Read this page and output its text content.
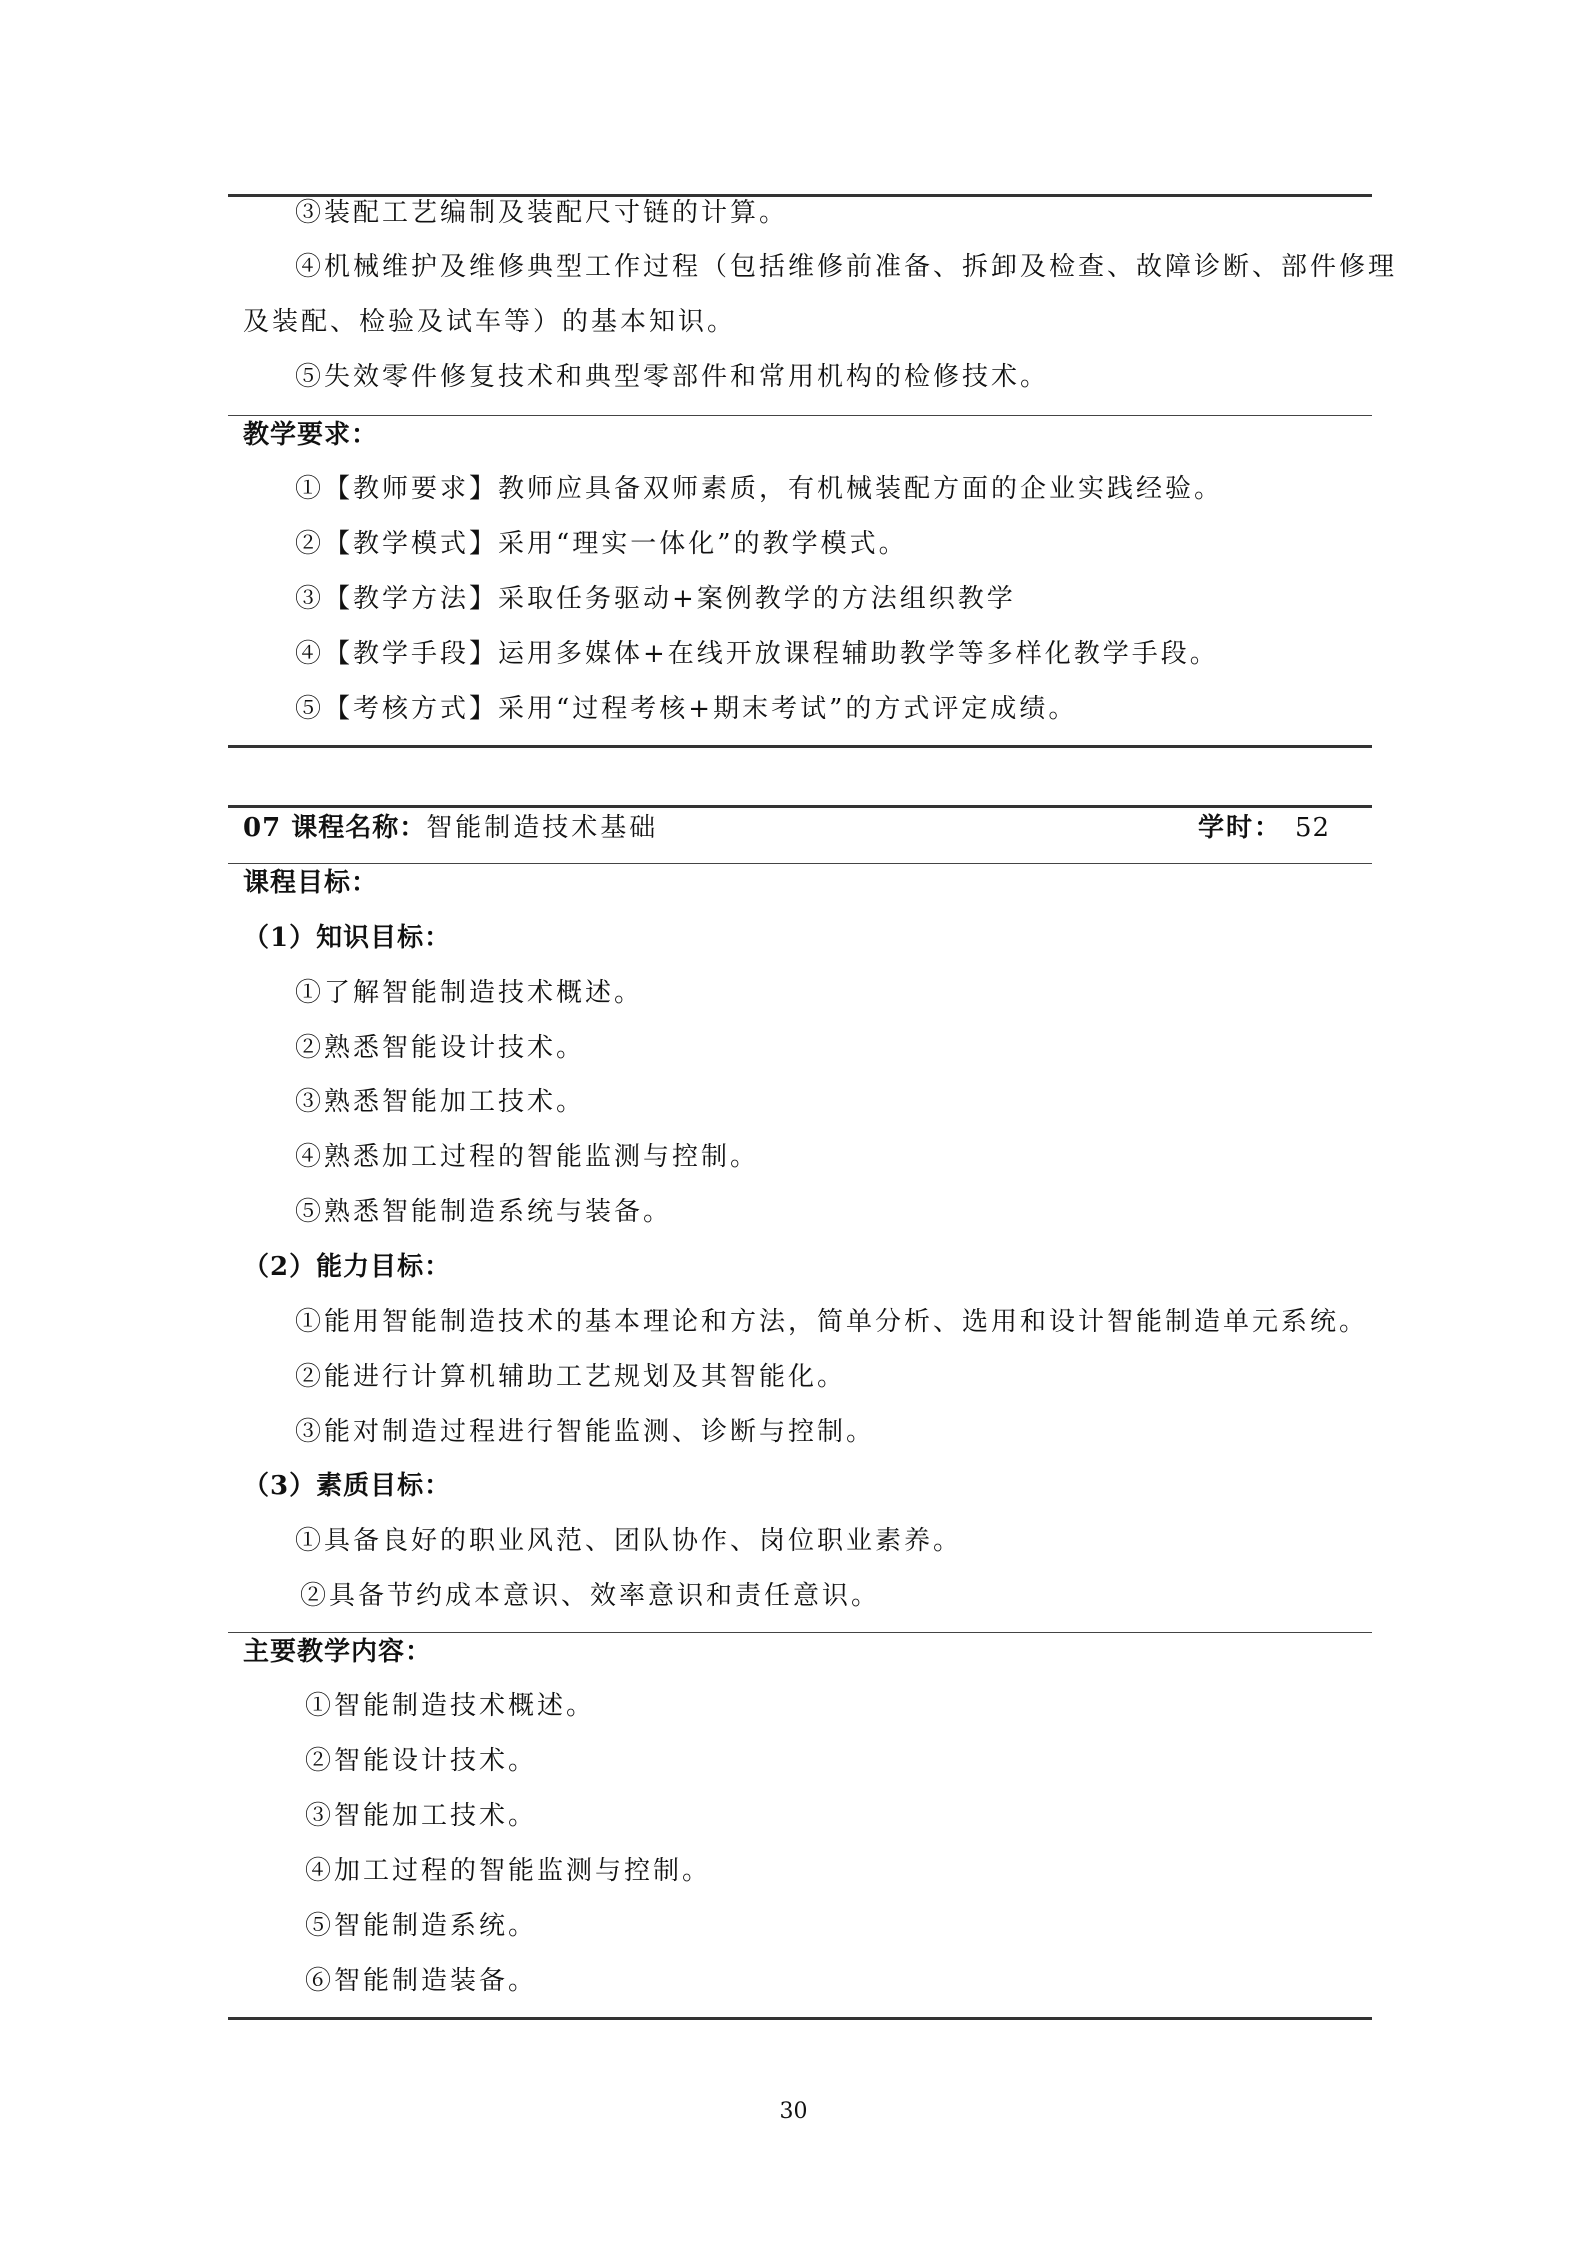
③装配工艺编制及装配尺寸链的计算。
④机械维护及维修典型工作过程（包括维修前准备、拆卸及检查、故障诊断、部件修理
及装配、检验及试车等）的基本知识。
⑤失效零件修复技术和典型零部件和常用机构的检修技术。
教学要求：
①【教师要求】教师应具备双师素质，有机械装配方面的企业实践经验。
②【教学模式】采用“理实一体化”的教学模式。
③【教学方法】采取任务驱动+案例教学的方法组织教学
④【教学手段】运用多媒体+在线开放课程辅助教学等多样化教学手段。
⑤【考核方式】采用“过程考核+期末考试”的方式评定成绩。
07 课程名称：智能制造技术基础	学时： 52
课程目标：
（1）知识目标：
①了解智能制造技术概述。
②熟悉智能设计技术。
③熟悉智能加工技术。
④熟悉加工过程的智能监测与控制。
⑤熟悉智能制造系统与装备。
（2）能力目标：
①能用智能制造技术的基本理论和方法，简单分析、选用和设计智能制造单元系统。
②能进行计算机辅助工艺规划及其智能化。
③能对制造过程进行智能监测、诊断与控制。
（3）素质目标：
①具备良好的职业风范、团队协作、岗位职业素养。
②具备节约成本意识、效率意识和责任意识。
主要教学内容：
①智能制造技术概述。
②智能设计技术。
③智能加工技术。
④加工过程的智能监测与控制。
⑤智能制造系统。
⑥智能制造装备。
30
